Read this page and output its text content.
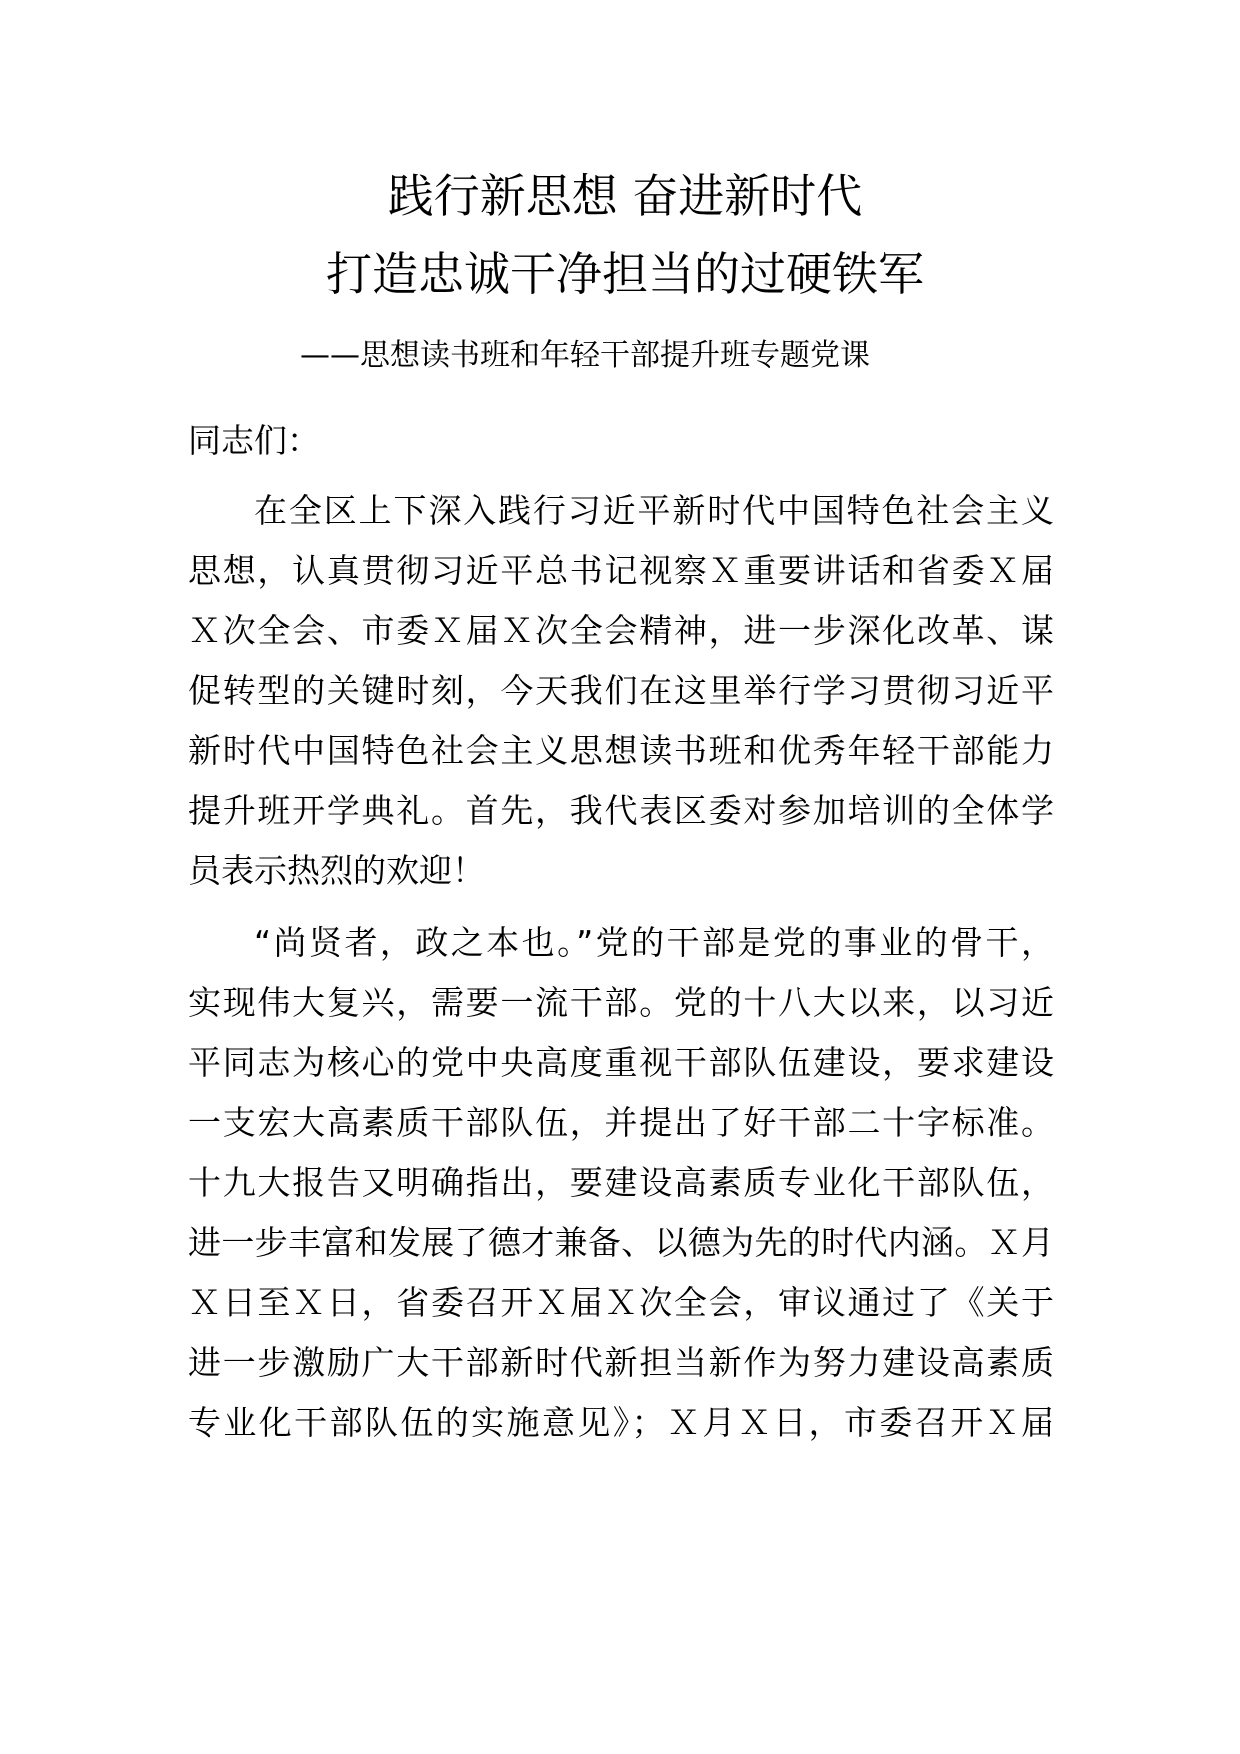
践行新思想 奋进新时代
打造忠诚干净担当的过硬铁军
——思想读书班和年轻干部提升班专题党课
同志们：
在全区上下深入践行习近平新时代中国特色社会主义
思想，认真贯彻习近平总书记视察Ｘ重要讲话和省委Ｘ届
Ｘ次全会、市委Ｘ届Ｘ次全会精神，进一步深化改革、谋
促转型的关键时刻，今天我们在这里举行学习贯彻习近平
新时代中国特色社会主义思想读书班和优秀年轻干部能力
提升班开学典礼。首先，我代表区委对参加培训的全体学
员表示热烈的欢迎！
“尚贤者，政之本也。”党的干部是党的事业的骨干，
实现伟大复兴，需要一流干部。党的十八大以来，以习近
平同志为核心的党中央高度重视干部队伍建设，要求建设
一支宏大高素质干部队伍，并提出了好干部二十字标准。
十九大报告又明确指出，要建设高素质专业化干部队伍，
进一步丰富和发展了德才兼备、以德为先的时代内涵。Ｘ月
Ｘ日至Ｘ日，省委召开Ｘ届Ｘ次全会，审议通过了《关于
进一步激励广大干部新时代新担当新作为努力建设高素质
专业化干部队伍的实施意见》；Ｘ月Ｘ日，市委召开Ｘ届
